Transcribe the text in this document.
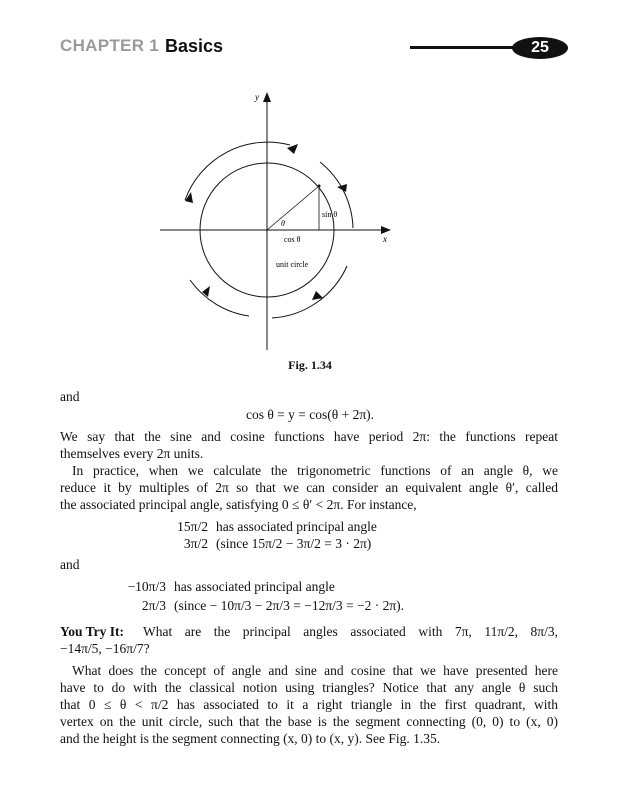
CHAPTER 1 Basics	25
y
x
sin θ
θ
cos θ
unit circle
Fig. 1.34
and
cos θ = y = cos(θ + 2π).
We say that the sine and cosine functions have period 2π: the functions repeat
themselves every 2π units.
In practice, when we calculate the trigonometric functions of an angle θ, we
reduce it by multiples of 2π so that we can consider an equivalent angle θ′, called
the associated principal angle, satisfying 0 ≤ θ′ < 2π. For instance,
15π/2 has associated principal angle
3π/2 (since 15π/2 − 3π/2 = 3 · 2π)
and
−10π/3 has associated principal angle
2π/3 (since − 10π/3 − 2π/3 = −12π/3 = −2 · 2π).
You Try It: What are the principal angles associated with 7π, 11π/2, 8π/3,
−14π/5, −16π/7?
What does the concept of angle and sine and cosine that we have presented here
have to do with the classical notion using triangles? Notice that any angle θ such
that 0 ≤ θ < π/2 has associated to it a right triangle in the first quadrant, with
vertex on the unit circle, such that the base is the segment connecting (0, 0) to (x, 0)
and the height is the segment connecting (x, 0) to (x, y). See Fig. 1.35.
